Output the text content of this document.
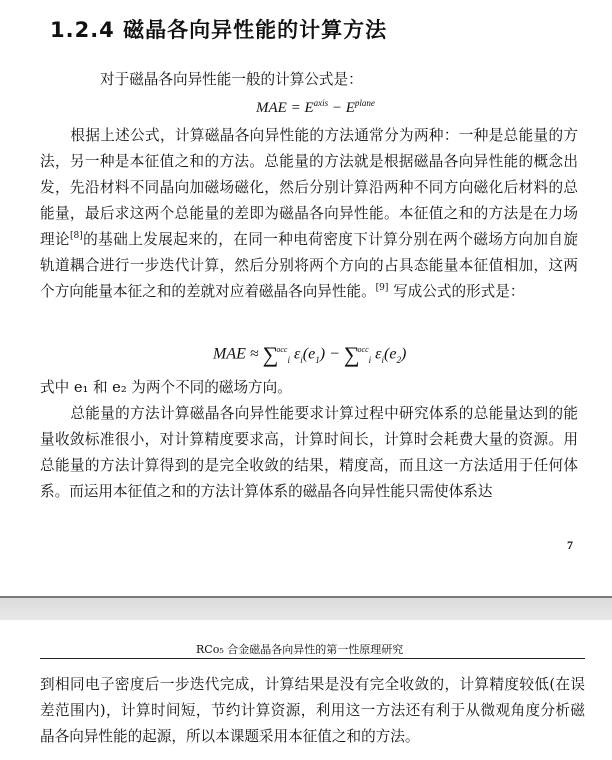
1.2.4 磁晶各向异性能的计算方法
对于磁晶各向异性能一般的计算公式是：
MAE = $E^{axis} - E^{plane}$

根据上述公式，计算磁晶各向异性能的方法通常分为两种：一种是总能量的方法，另一种是本征值之和的方法。总能量的方法就是根据磁晶各向异性能的概念出发，先沿材料不同晶向加磁场磁化，然后分别计算沿两种不同方向磁化后材料的总能量，最后求这两个总能量的差即为磁晶各向异性能。本征值之和的方法是在力场理论[8]的基础上发展起来的，在同一种电荷密度下计算分别在两个磁场方向加自旋轨道耦合进行一步迭代计算，然后分别将两个方向的占具态能量本征值相加，这两个方向能量本征之和的差就对应着磁晶各向异性能。[9] 写成公式的形式是：

MAE ≈ ∑$^{occ}_i$ $\varepsilon_i(e_1) - \sum^{occ}_i$ $\varepsilon_i(e_2)$
式中 e₁ 和 e₂ 为两个不同的磁场方向。

总能量的方法计算磁晶各向异性能要求计算过程中研究体系的总能量达到的能量收敛标准很小，对计算精度要求高，计算时间长，计算时会耗费大量的资源。用总能量的方法计算得到的是完全收敛的结果，精度高，而且这一方法适用于任何体系。而运用本征值之和的方法计算体系的磁晶各向异性能只需使体系达

7
RCo₅ 合金磁晶各向异性的第一性原理研究

到相同电子密度后一步迭代完成，计算结果是没有完全收敛的，计算精度较低(在误差范围内)，计算时间短，节约计算资源，利用这一方法还有利于从微观角度分析磁晶各向异性能的起源，所以本课题采用本征值之和的方法。
